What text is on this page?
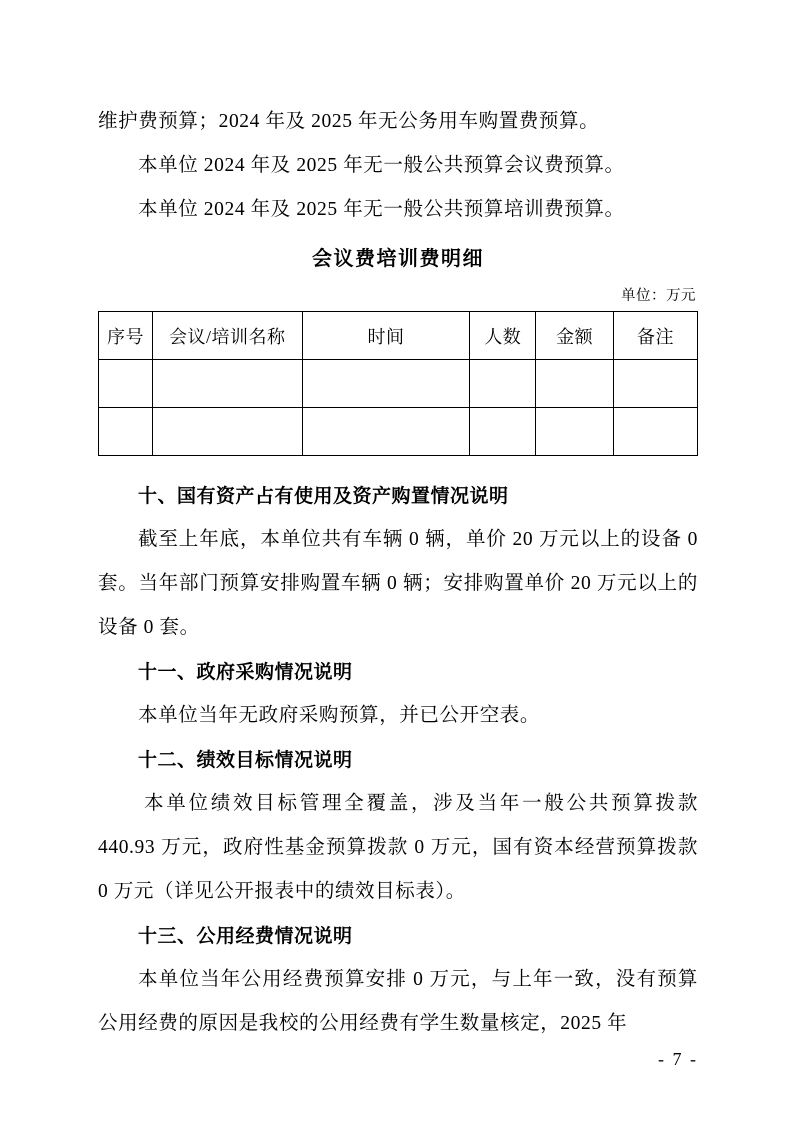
维护费预算；2024 年及 2025 年无公务用车购置费预算。

本单位 2024 年及 2025 年无一般公共预算会议费预算。

本单位 2024 年及 2025 年无一般公共预算培训费预算。

会议费培训费明细
单位：万元
序号	会议/培训名称	时间	人数	金额	备注

十、国有资产占有使用及资产购置情况说明

截至上年底，本单位共有车辆 0 辆，单价 20 万元以上的设备 0 套。当年部门预算安排购置车辆 0 辆；安排购置单价 20 万元以上的设备 0 套。

十一、政府采购情况说明

本单位当年无政府采购预算，并已公开空表。

十二、绩效目标情况说明

本单位绩效目标管理全覆盖，涉及当年一般公共预算拨款 440.93 万元，政府性基金预算拨款 0 万元，国有资本经营预算拨款 0 万元（详见公开报表中的绩效目标表）。

十三、公用经费情况说明

本单位当年公用经费预算安排 0 万元，与上年一致，没有预算公用经费的原因是我校的公用经费有学生数量核定，2025 年

- 7 -
